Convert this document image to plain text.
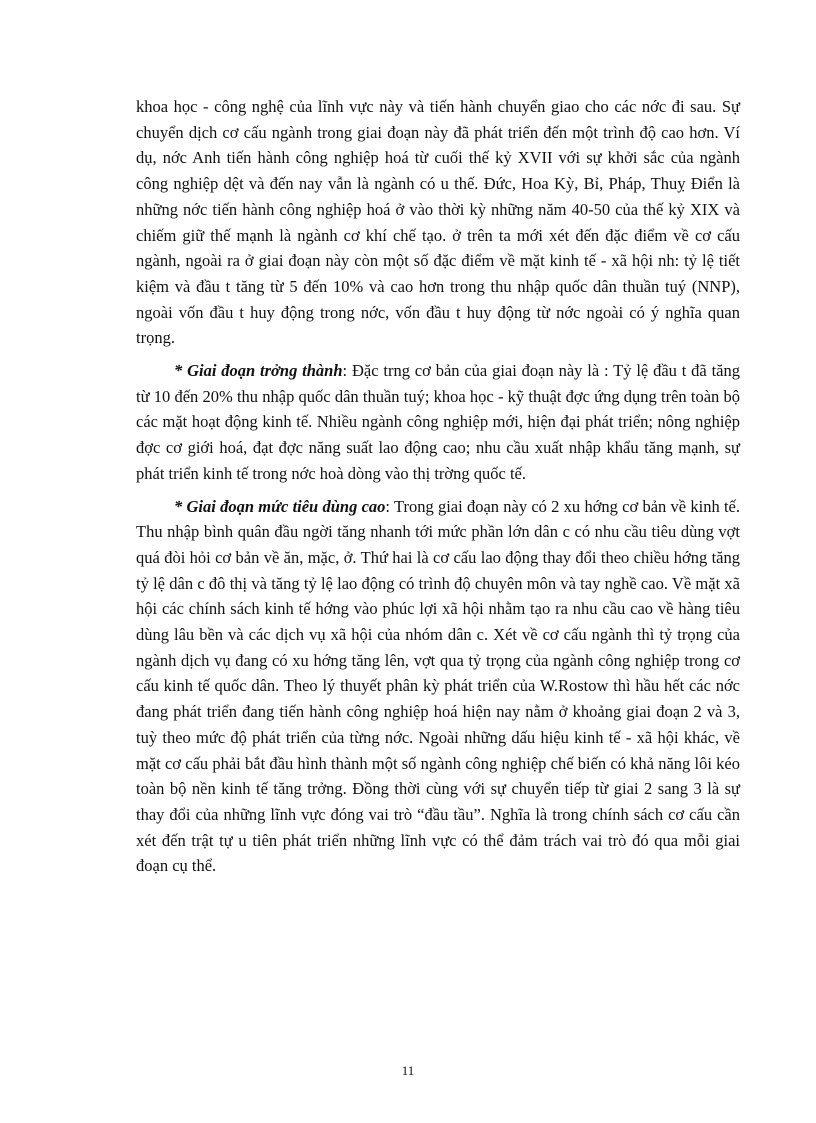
khoa học - công nghệ của lĩnh vực này và tiến hành chuyển giao cho các nớc đi sau. Sự chuyển dịch cơ cấu ngành trong giai đoạn này đã phát triển đến một trình độ cao hơn. Ví dụ, nớc Anh tiến hành công nghiệp hoá từ cuối thế kỷ XVII với sự khởi sắc của ngành công nghiệp dệt và đến nay vẫn là ngành có u thế. Đức, Hoa Kỳ, Bỉ, Pháp, Thuỵ Điển là những nớc tiến hành công nghiệp hoá ở vào thời kỳ những năm 40-50 của thế kỷ XIX và chiếm giữ thế mạnh là ngành cơ khí chế tạo. ở trên ta mới xét đến đặc điểm về cơ cấu ngành, ngoài ra ở giai đoạn này còn một số đặc điểm về mặt kinh tế - xã hội nh: tỷ lệ tiết kiệm và đầu t tăng từ 5 đến 10% và cao hơn trong thu nhập quốc dân thuần tuý (NNP), ngoài vốn đầu t huy động trong nớc, vốn đầu t huy động từ nớc ngoài có ý nghĩa quan trọng.

* Giai đoạn trởng thành: Đặc trng cơ bản của giai đoạn này là : Tỷ lệ đầu t đã tăng từ 10 đến 20% thu nhập quốc dân thuần tuý; khoa học - kỹ thuật đợc ứng dụng trên toàn bộ các mặt hoạt động kinh tế. Nhiều ngành công nghiệp mới, hiện đại phát triển; nông nghiệp đợc cơ giới hoá, đạt đợc năng suất lao động cao; nhu cầu xuất nhập khẩu tăng mạnh, sự phát triển kinh tế trong nớc hoà dòng vào thị trờng quốc tế.

* Giai đoạn mức tiêu dùng cao: Trong giai đoạn này có 2 xu hớng cơ bản về kinh tế. Thu nhập bình quân đầu ngời tăng nhanh tới mức phần lớn dân c có nhu cầu tiêu dùng vợt quá đòi hỏi cơ bản về ăn, mặc, ở. Thứ hai là cơ cấu lao động thay đổi theo chiều hớng tăng tỷ lệ dân c đô thị và tăng tỷ lệ lao động có trình độ chuyên môn và tay nghề cao. Về mặt xã hội các chính sách kinh tế hớng vào phúc lợi xã hội nhằm tạo ra nhu cầu cao về hàng tiêu dùng lâu bền và các dịch vụ xã hội của nhóm dân c. Xét về cơ cấu ngành thì tỷ trọng của ngành dịch vụ đang có xu hớng tăng lên, vợt qua tỷ trọng của ngành công nghiệp trong cơ cấu kinh tế quốc dân. Theo lý thuyết phân kỳ phát triển của W.Rostow thì hầu hết các nớc đang phát triển đang tiến hành công nghiệp hoá hiện nay nằm ở khoảng giai đoạn 2 và 3, tuỳ theo mức độ phát triển của từng nớc. Ngoài những dấu hiệu kinh tế - xã hội khác, về mặt cơ cấu phải bắt đầu hình thành một số ngành công nghiệp chế biến có khả năng lôi kéo toàn bộ nền kinh tế tăng trởng. Đồng thời cùng với sự chuyển tiếp từ giai 2 sang 3 là sự thay đổi của những lĩnh vực đóng vai trò “đầu tầu”. Nghĩa là trong chính sách cơ cấu cần xét đến trật tự u tiên phát triển những lĩnh vực có thể đảm trách vai trò đó qua mỗi giai đoạn cụ thể.

11
